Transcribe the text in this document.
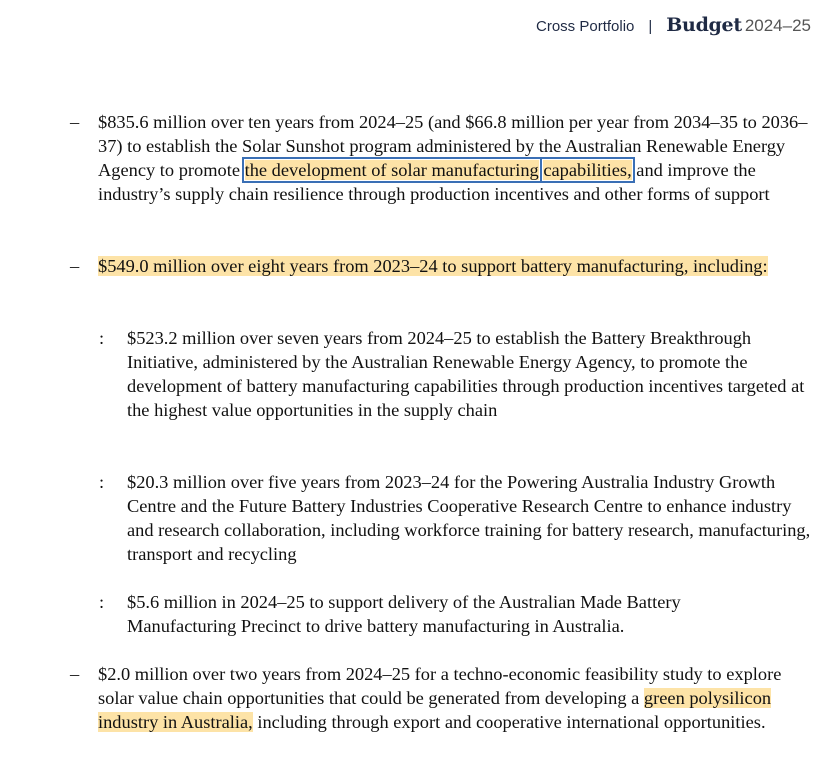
Cross Portfolio | Budget 2024–25
– $835.6 million over ten years from 2024–25 (and $66.8 million per year from 2034–35 to 2036–37) to establish the Solar Sunshot program administered by the Australian Renewable Energy Agency to promote the development of solar manufacturing capabilities, and improve the industry’s supply chain resilience through production incentives and other forms of support
– $549.0 million over eight years from 2023–24 to support battery manufacturing, including:
: $523.2 million over seven years from 2024–25 to establish the Battery Breakthrough Initiative, administered by the Australian Renewable Energy Agency, to promote the development of battery manufacturing capabilities through production incentives targeted at the highest value opportunities in the supply chain
: $20.3 million over five years from 2023–24 for the Powering Australia Industry Growth Centre and the Future Battery Industries Cooperative Research Centre to enhance industry and research collaboration, including workforce training for battery research, manufacturing, transport and recycling
: $5.6 million in 2024–25 to support delivery of the Australian Made Battery Manufacturing Precinct to drive battery manufacturing in Australia.
– $2.0 million over two years from 2024–25 for a techno-economic feasibility study to explore solar value chain opportunities that could be generated from developing a green polysilicon industry in Australia, including through export and cooperative international opportunities.
